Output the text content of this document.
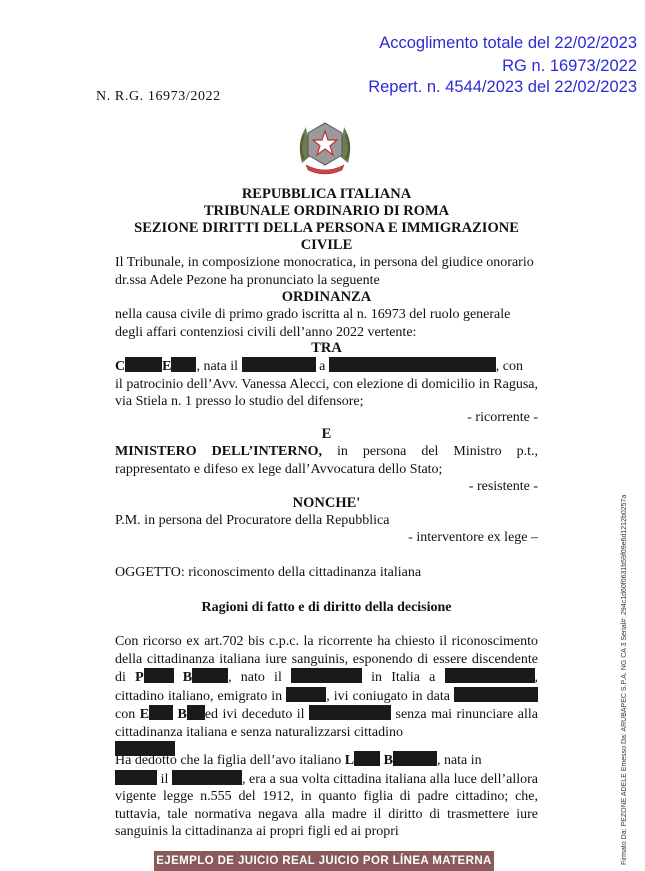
Accoglimento totale del 22/02/2023
RG n. 16973/2022
Repert. n. 4544/2023 del 22/02/2023
N. R.G. 16973/2022
REPUBBLICA ITALIANA
TRIBUNALE ORDINARIO DI ROMA
SEZIONE DIRITTI DELLA PERSONA E IMMIGRAZIONE
CIVILE
Il Tribunale, in composizione monocratica, in persona del giudice onorario dr.ssa Adele Pezone ha pronunciato la seguente
ORDINANZA
nella causa civile di primo grado iscritta al n. 16973 del ruolo generale degli affari contenziosi civili dell’anno 2022 vertente:
TRA
C	E , nata il	a	, con
il patrocinio dell’Avv. Vanessa Alecci, con elezione di domicilio in Ragusa, via Stiela n. 1 presso lo studio del difensore;
- ricorrente -
E
MINISTERO DELL’INTERNO, in persona del Ministro p.t., rappresentato e difeso ex lege dall’Avvocatura dello Stato;
- resistente -
NONCHE'
P.M. in persona del Procuratore della Repubblica
- interventore ex lege –
OGGETTO: riconoscimento della cittadinanza italiana
Ragioni di fatto e di diritto della decisione
Con ricorso ex art.702 bis c.p.c. la ricorrente ha chiesto il riconoscimento della cittadinanza italiana iure sanguinis, esponendo di essere discendente di P B	, nato il	in Italia a	, cittadino italiano, emigrato in	, ivi coniugato in data  con E B ed ivi deceduto il	senza mai rinunciare alla cittadinanza italiana e senza naturalizzarsi cittadino

Ha dedotto che la figlia dell’avo italiano L B	, nata in
il	, era a sua volta cittadina italiana alla luce dell’allora vigente legge n.555 del 1912, in quanto figlia di padre cittadino; che, tuttavia, tale normativa negava alla madre il diritto di trasmettere iure sanguinis la cittadinanza ai propri figli ed ai propri	Firmato Da: PEZONE ADELE Emesso Da: ARUBAPEC S.P.A. NG CA 3 Serial#: 294c1d60f0631b59f09e6d1212b0257a
EJEMPLO DE JUICIO REAL JUICIO POR LÍNEA MATERNA
